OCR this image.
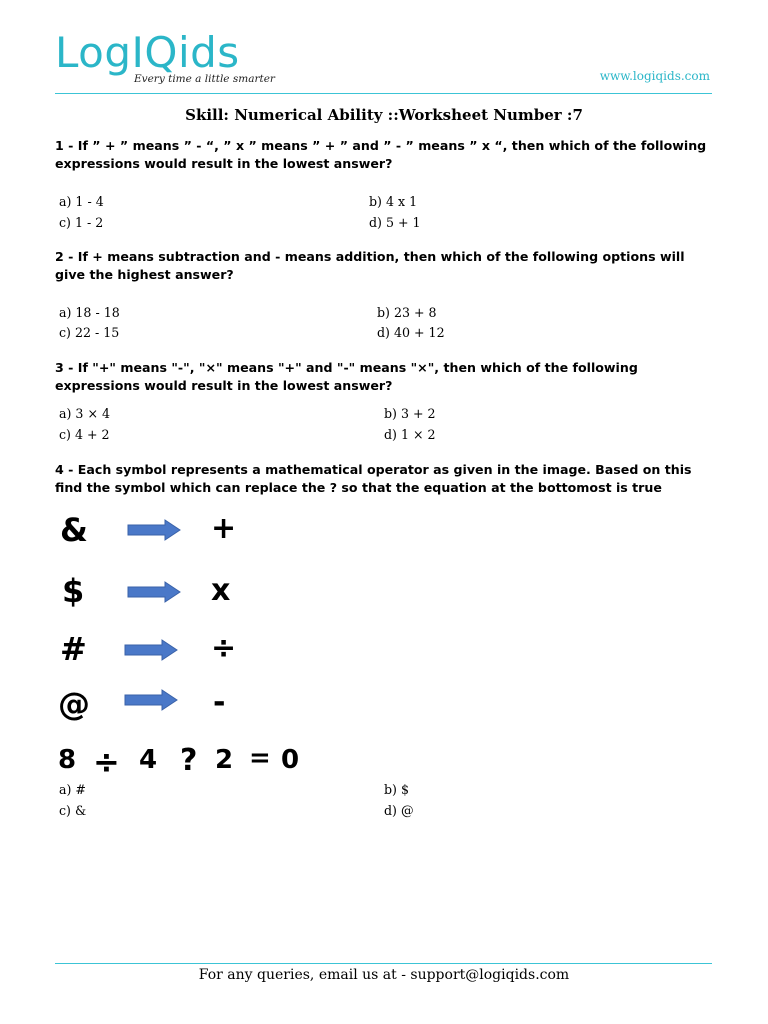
LogIQids
Every time a little smarter	www.logiqids.com
Skill: Numerical Ability ::Worksheet Number :7
1 - If ” + ” means ” - “, ” x ” means ” + ” and ” - ” means ” x “, then which of the following expressions would result in the lowest answer?
a) 1 - 4	b) 4 x 1
c) 1 - 2	d) 5 + 1
2 - If + means subtraction and - means addition, then which of the following options will give the highest answer?
a) 18 - 18	b) 23 + 8
c) 22 - 15	d) 40 + 12
3 - If "+" means "-", "×" means "+" and "-" means "×", then which of the following expressions would result in the lowest answer?
a) 3 × 4	b) 3 + 2
c) 4 + 2	d) 1 × 2
4 - Each symbol represents a mathematical operator as given in the image. Based on this find the symbol which can replace the ? so that the equation at the bottomost is true
&	+
$	x
#	÷
@	-
8 ÷ 4 ? 2 = 0
a) #	b) $
c) &	d) @
For any queries, email us at - support@logiqids.com
